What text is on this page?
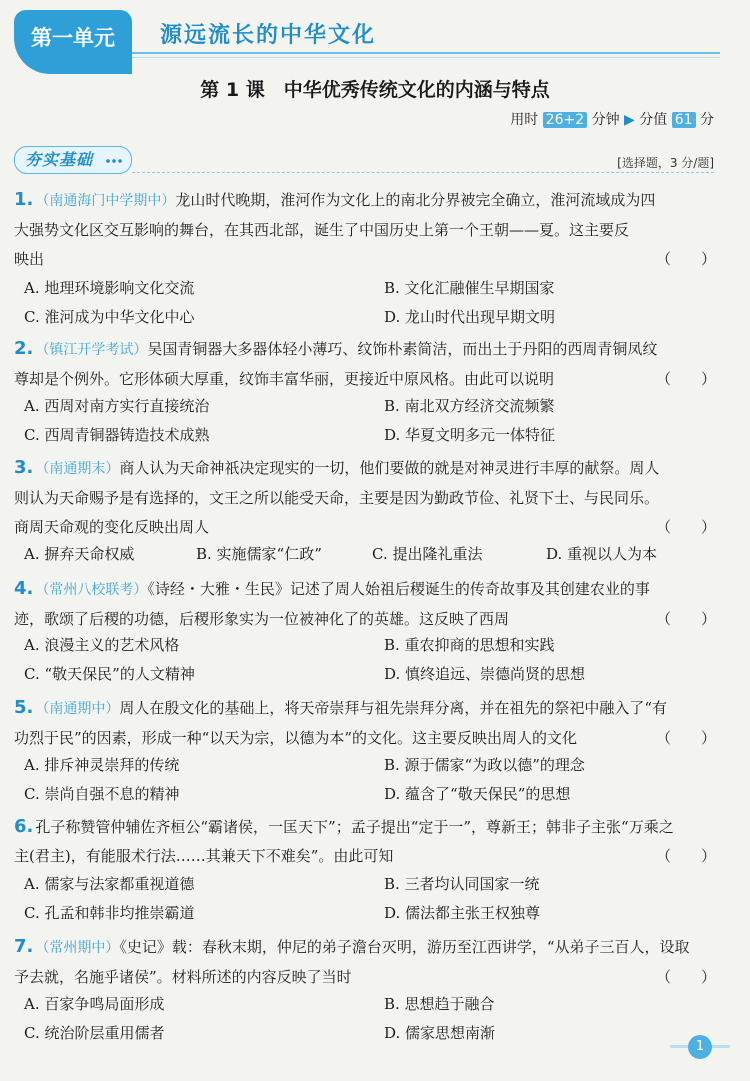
第一单元	源远流长的中华文化
第 1 课　中华优秀传统文化的内涵与特点
用时 26+2 分钟 ▶ 分值 61 分
夯实基础	[选择题，3 分/题]
1. （南通海门中学期中）龙山时代晚期，淮河作为文化上的南北分界被完全确立，淮河流域成为四
大强势文化区交互影响的舞台，在其西北部，诞生了中国历史上第一个王朝——夏。这主要反
映出	（　　）
A. 地理环境影响文化交流	B. 文化汇融催生早期国家
C. 淮河成为中华文化中心	D. 龙山时代出现早期文明
2. （镇江开学考试）吴国青铜器大多器体轻小薄巧、纹饰朴素简洁，而出土于丹阳的西周青铜凤纹
尊却是个例外。它形体硕大厚重，纹饰丰富华丽，更接近中原风格。由此可以说明	（　　）
A. 西周对南方实行直接统治	B. 南北双方经济交流频繁
C. 西周青铜器铸造技术成熟	D. 华夏文明多元一体特征
3. （南通期末）商人认为天命神祇决定现实的一切，他们要做的就是对神灵进行丰厚的献祭。周人
则认为天命赐予是有选择的，文王之所以能受天命，主要是因为勤政节俭、礼贤下士、与民同乐。
商周天命观的变化反映出周人	（　　）
A. 摒弃天命权威	B. 实施儒家“仁政”	C. 提出隆礼重法	D. 重视以人为本
4. （常州八校联考）《诗经・大雅・生民》记述了周人始祖后稷诞生的传奇故事及其创建农业的事
迹，歌颂了后稷的功德，后稷形象实为一位被神化了的英雄。这反映了西周	（　　）
A. 浪漫主义的艺术风格	B. 重农抑商的思想和实践
C. “敬天保民”的人文精神	D. 慎终追远、崇德尚贤的思想
5. （南通期中）周人在殷文化的基础上，将天帝崇拜与祖先崇拜分离，并在祖先的祭祀中融入了“有
功烈于民”的因素，形成一种“以天为宗，以德为本”的文化。这主要反映出周人的文化	（　　）
A. 排斥神灵崇拜的传统	B. 源于儒家“为政以德”的理念
C. 崇尚自强不息的精神	D. 蕴含了“敬天保民”的思想
6. 孔子称赞管仲辅佐齐桓公“霸诸侯，一匡天下”；孟子提出“定于一”，尊新王；韩非子主张“万乘之
主(君主)，有能服术行法……其兼天下不难矣”。由此可知	（　　）
A. 儒家与法家都重视道德	B. 三者均认同国家一统
C. 孔孟和韩非均推崇霸道	D. 儒法都主张王权独尊
7. （常州期中）《史记》载：春秋末期，仲尼的弟子澹台灭明，游历至江西讲学，“从弟子三百人，设取
予去就，名施乎诸侯”。材料所述的内容反映了当时	（　　）
A. 百家争鸣局面形成	B. 思想趋于融合
C. 统治阶层重用儒者	D. 儒家思想南渐
1
